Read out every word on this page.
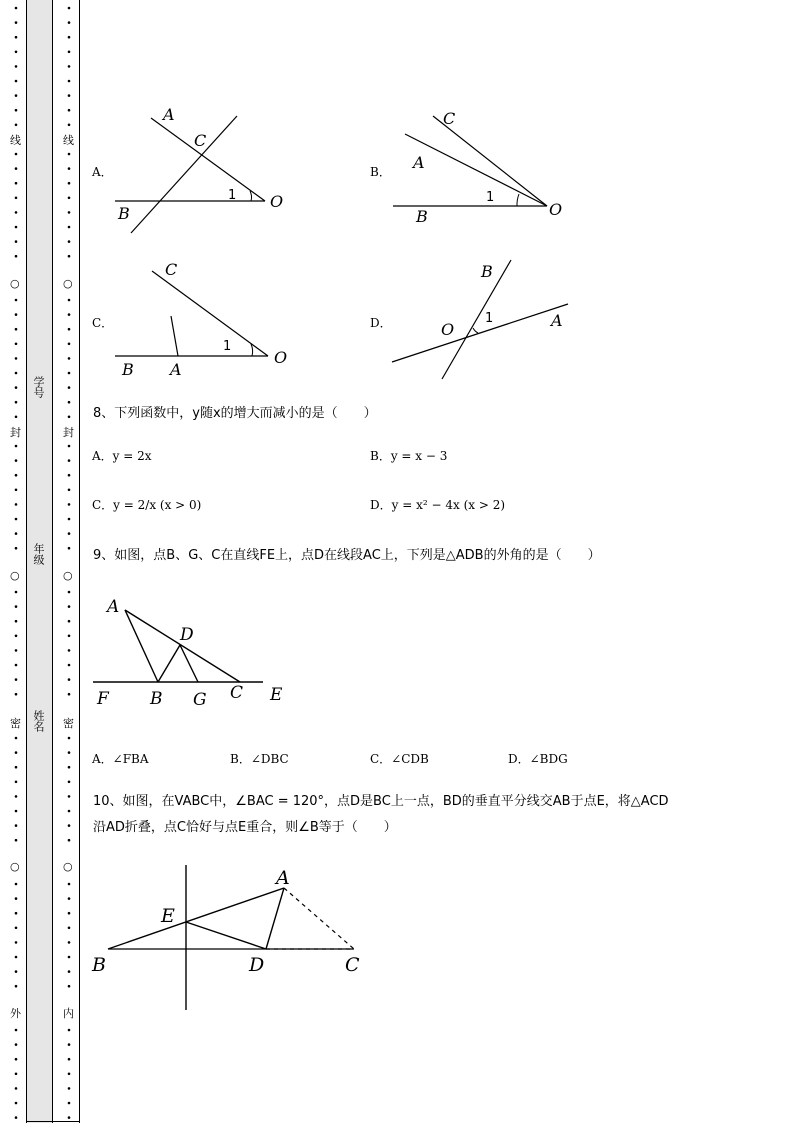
线
○
封
○
密
○
外
线
○
封
○
密
○
内
学号
年级
姓名
A．
A
C
B
O
1
B．
C
A
B	O
1
C．
C
B A
O
1
D．
B
O	A
1
8、下列函数中，y随x的增大而减小的是（　　）
A．y = 2x	B．y = x − 3
C．y = 2/x (x > 0)	D．y = x² − 4x (x > 2)
9、如图，点B、G、C在直线FE上，点D在线段AC上，下列是△ADB的外角的是（　　）
A
D
F B G C E
A．∠FBA	B．∠DBC	C．∠CDB	D．∠BDG
10、如图，在VABC中，∠BAC = 120°，点D是BC上一点，BD的垂直平分线交AB于点E，将△ACD
沿AD折叠，点C恰好与点E重合，则∠B等于（　　）
A
E
B	D	C
